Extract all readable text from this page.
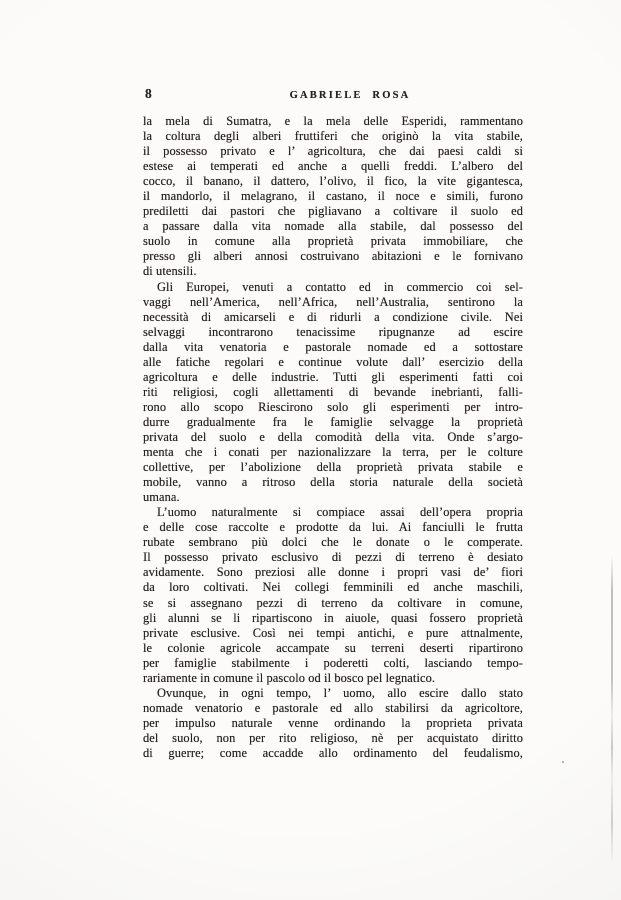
8	GABRIELE ROSA
la mela di Sumatra, e la mela delle Esperidi, rammentano
la coltura degli alberi fruttiferi che originò la vita stabile,
il possesso privato e l’ agricoltura, che dai paesi caldi si
estese ai temperati ed anche a quelli freddi. L’albero del
cocco, il banano, il dattero, l’olivo, il fico, la vite gigantesca,
il mandorlo, il melagrano, il castano, il noce e simili, furono
prediletti dai pastori che pigliavano a coltivare il suolo ed
a passare dalla vita nomade alla stabile, dal possesso del
suolo in comune alla proprietà privata immobiliare, che
presso gli alberi annosi costruivano abitazioni e le fornivano
di utensili.
Gli Europei, venuti a contatto ed in commercio coi sel-
vaggi nell’America, nell’Africa, nell’Australia, sentirono la
necessità di amicarseli e di ridurli a condizione civile. Nei
selvaggi incontrarono tenacissime ripugnanze ad escire
dalla vita venatoria e pastorale nomade ed a sottostare
alle fatiche regolari e continue volute dall’ esercizio della
agricoltura e delle industrie. Tutti gli esperimenti fatti coi
riti religiosi, cogli allettamenti di bevande inebrianti, falli-
rono allo scopo Riescirono solo gli esperimenti per intro-
durre gradualmente fra le famiglie selvagge la proprietà
privata del suolo e della comodità della vita. Onde s’argo-
menta che i conati per nazionalizzare la terra, per le colture
collettive, per l’abolizione della proprietà privata stabile e
mobile, vanno a ritroso della storia naturale della società
umana.
L’uomo naturalmente si compiace assai dell’opera propria
e delle cose raccolte e prodotte da lui. Ai fanciulli le frutta
rubate sembrano più dolci che le donate o le comperate.
Il possesso privato esclusivo di pezzi di terreno è desiato
avidamente. Sono preziosi alle donne i propri vasi de’ fiori
da loro coltivati. Nei collegi femminili ed anche maschili,
se si assegnano pezzi di terreno da coltivare in comune,
gli alunni se li ripartiscono in aiuole, quasi fossero proprietà
private esclusive. Così nei tempi antichi, e pure attnalmente,
le colonie agricole accampate su terreni deserti ripartirono
per famiglie stabilmente i poderetti colti, lasciando tempo-
rariamente in comune il pascolo od il bosco pel legnatico.
Ovunque, in ogni tempo, l’ uomo, allo escire dallo stato
nomade venatorio e pastorale ed allo stabilirsi da agricoltore,
per impulso naturale venne ordinando la proprieta privata
del suolo, non per rito religioso, nè per acquistato diritto
di guerre; come accadde allo ordinamento del feudalismo,
